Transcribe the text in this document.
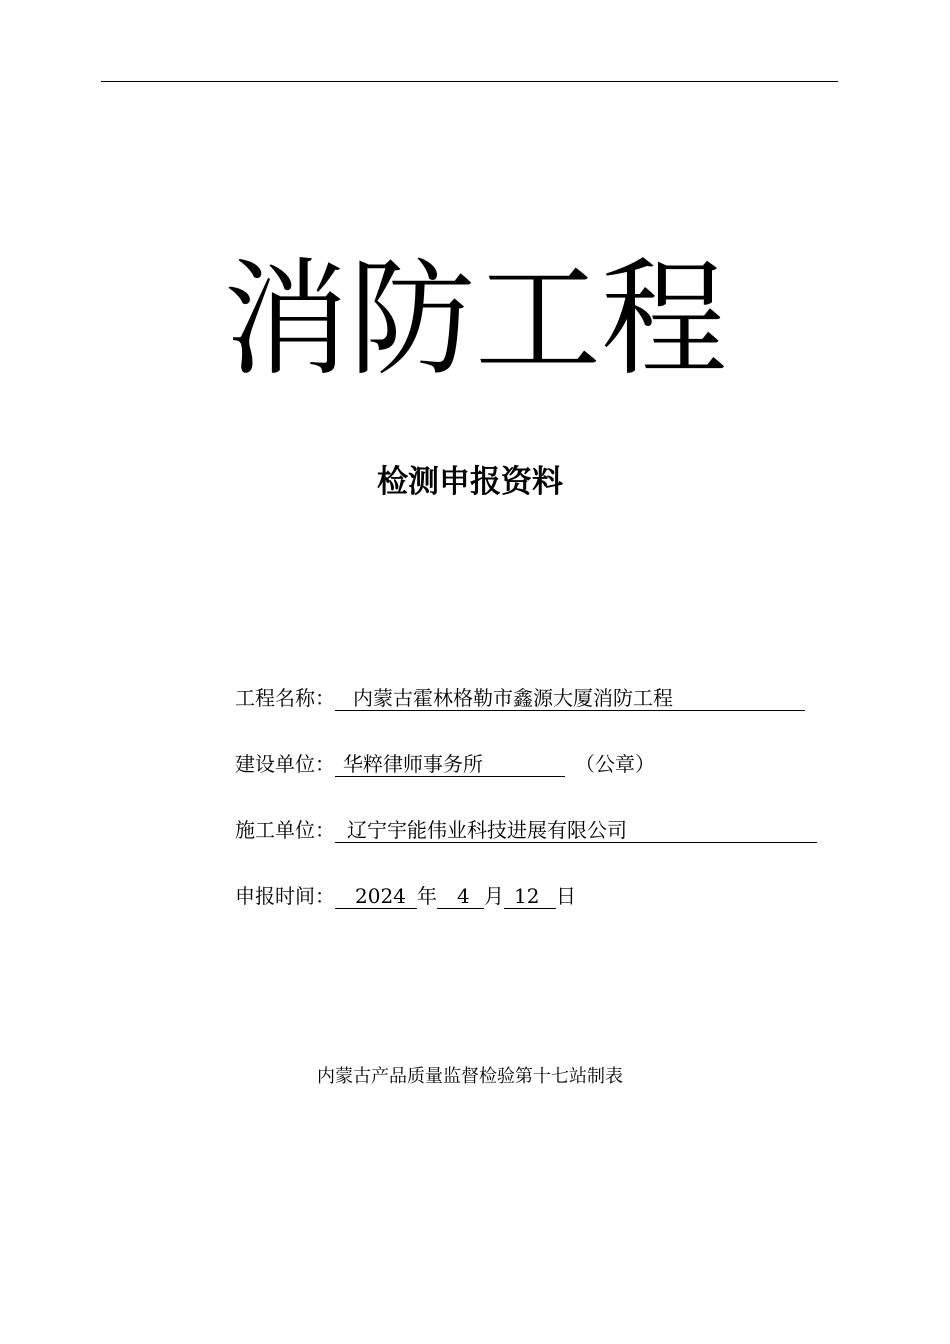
消防工程
检测申报资料
工程名称： 内蒙古霍林格勒市鑫源大厦消防工程
建设单位： 华粹律师事务所	（公章）
施工单位： 辽宁宇能伟业科技进展有限公司
申报时间： 2024 年 4 月 12 日
内蒙古产品质量监督检验第十七站制表
